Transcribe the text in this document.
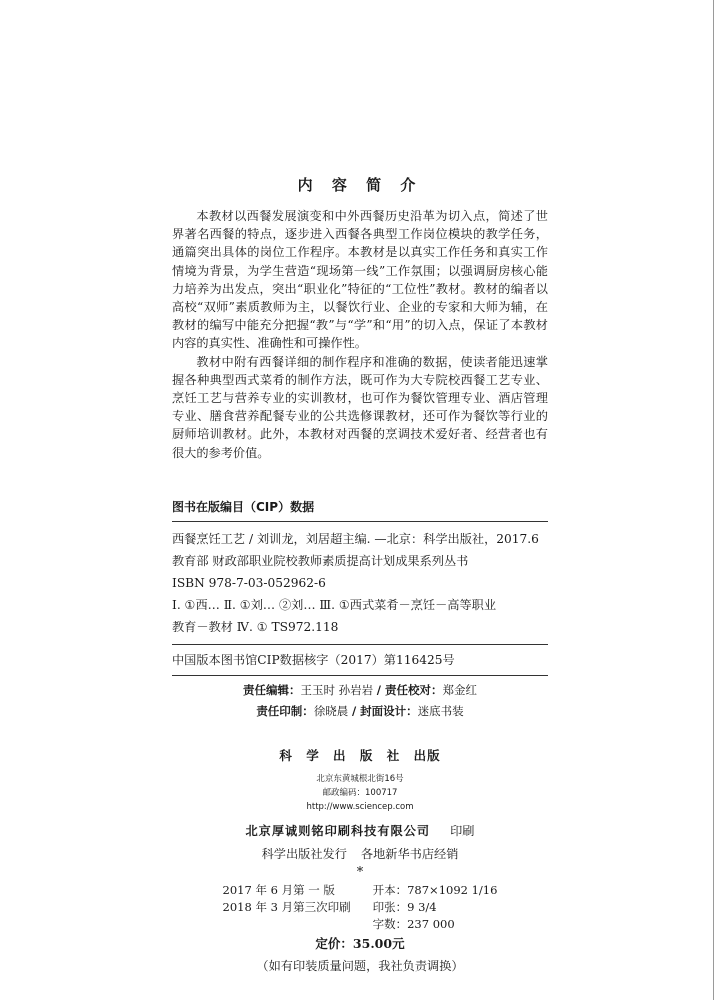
内 容 简 介

本教材以西餐发展演变和中外西餐历史沿革为切入点，简述了世界著名西餐的特点，逐步进入西餐各典型工作岗位模块的教学任务，通篇突出具体的岗位工作程序。本教材是以真实工作任务和真实工作情境为背景，为学生营造“现场第一线”工作氛围；以强调厨房核心能力培养为出发点，突出“职业化”特征的“工位性”教材。教材的编者以高校“双师”素质教师为主，以餐饮行业、企业的专家和大师为辅，在教材的编写中能充分把握“教”与“学”和“用”的切入点，保证了本教材内容的真实性、准确性和可操作性。

教材中附有西餐详细的制作程序和准确的数据，使读者能迅速掌握各种典型西式菜肴的制作方法，既可作为大专院校西餐工艺专业、烹饪工艺与营养专业的实训教材，也可作为餐饮管理专业、酒店管理专业、膳食营养配餐专业的公共选修课教材，还可作为餐饮等行业的厨师培训教材。此外，本教材对西餐的烹调技术爱好者、经营者也有很大的参考价值。

图书在版编目（CIP）数据

西餐烹饪工艺 / 刘训龙，刘居超主编. —北京：科学出版社，2017.6

教育部 财政部职业院校教师素质提高计划成果系列丛书

ISBN 978-7-03-052962-6

Ⅰ. ①西… Ⅱ. ①刘… ②刘… Ⅲ. ①西式菜肴－烹饪－高等职业

教育－教材 Ⅳ. ① TS972.118

中国版本图书馆CIP数据核字（2017）第116425号

责任编辑：王玉时 孙岩岩 / 责任校对：郑金红
责任印制：徐晓晨 / 封面设计：迷底书装
科 学 出 版 社 出版
北京东黄城根北街16号
邮政编码：100717
http://www.sciencep.com
北京厚诚则铭印刷科技有限公司 印刷
科学出版社发行 各地新华书店经销
*
2017 年 6 月第 一 版	开本：787×1092 1/16
2018 年 3 月第三次印刷 印张：9 3/4
字数：237 000
定价：35.00元
（如有印装质量问题，我社负责调换）
